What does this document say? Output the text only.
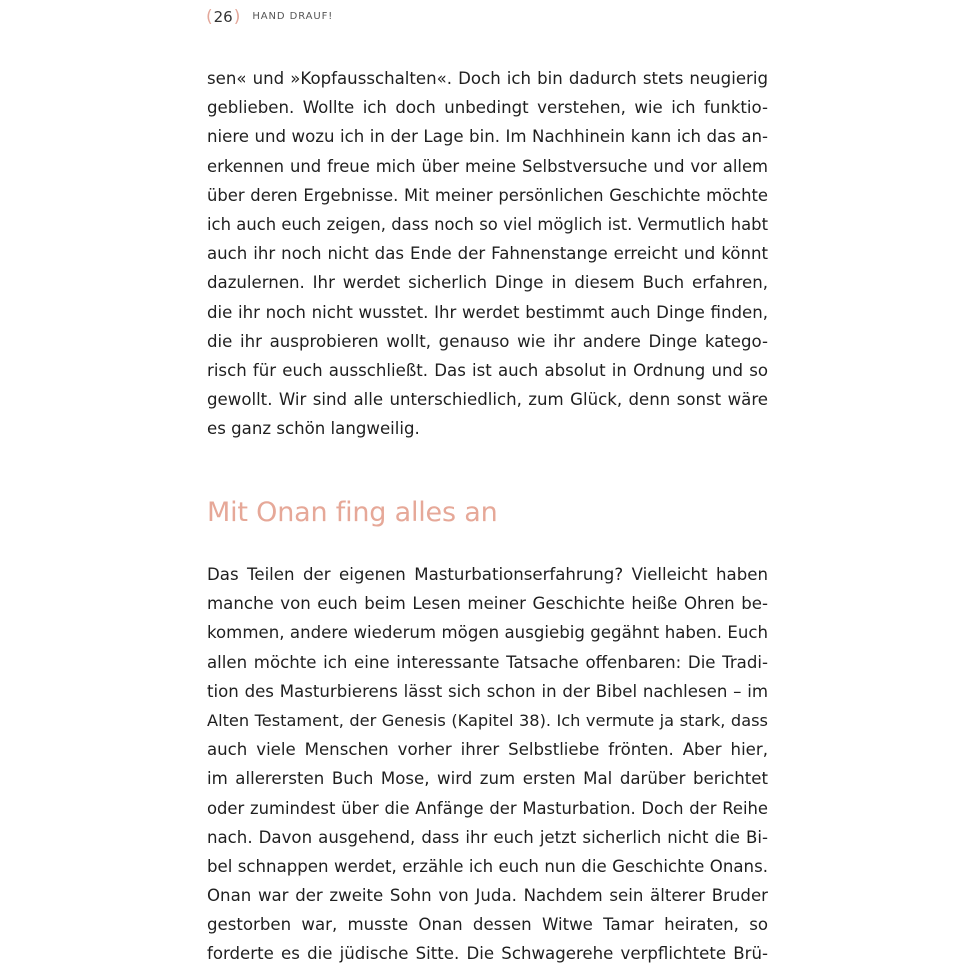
( 26 ) HAND DRAUF!
sen« und »Kopfausschalten«. Doch ich bin dadurch stets neugierig
geblieben. Wollte ich doch unbedingt verstehen, wie ich funktio-
niere und wozu ich in der Lage bin. Im Nachhinein kann ich das an-
erkennen und freue mich über meine Selbstversuche und vor allem
über deren Ergebnisse. Mit meiner persönlichen Geschichte möchte
ich auch euch zeigen, dass noch so viel möglich ist. Vermutlich habt
auch ihr noch nicht das Ende der Fahnenstange erreicht und könnt
dazulernen. Ihr werdet sicherlich Dinge in diesem Buch erfahren,
die ihr noch nicht wusstet. Ihr werdet bestimmt auch Dinge finden,
die ihr ausprobieren wollt, genauso wie ihr andere Dinge katego-
risch für euch ausschließt. Das ist auch absolut in Ordnung und so
gewollt. Wir sind alle unterschiedlich, zum Glück, denn sonst wäre
es ganz schön langweilig.
Mit Onan fing alles an
Das Teilen der eigenen Masturbationserfahrung? Vielleicht haben
manche von euch beim Lesen meiner Geschichte heiße Ohren be-
kommen, andere wiederum mögen ausgiebig gegähnt haben. Euch
allen möchte ich eine interessante Tatsache offenbaren: Die Tradi-
tion des Masturbierens lässt sich schon in der Bibel nachlesen – im
Alten Testament, der Genesis (Kapitel 38). Ich vermute ja stark, dass
auch viele Menschen vorher ihrer Selbstliebe frönten. Aber hier,
im allerersten Buch Mose, wird zum ersten Mal darüber berichtet
oder zumindest über die Anfänge der Masturbation. Doch der Reihe
nach. Davon ausgehend, dass ihr euch jetzt sicherlich nicht die Bi-
bel schnappen werdet, erzähle ich euch nun die Geschichte Onans.
Onan war der zweite Sohn von Juda. Nachdem sein älterer Bruder
gestorben war, musste Onan dessen Witwe Tamar heiraten, so
forderte es die jüdische Sitte. Die Schwagerehe verpflichtete Brü-
